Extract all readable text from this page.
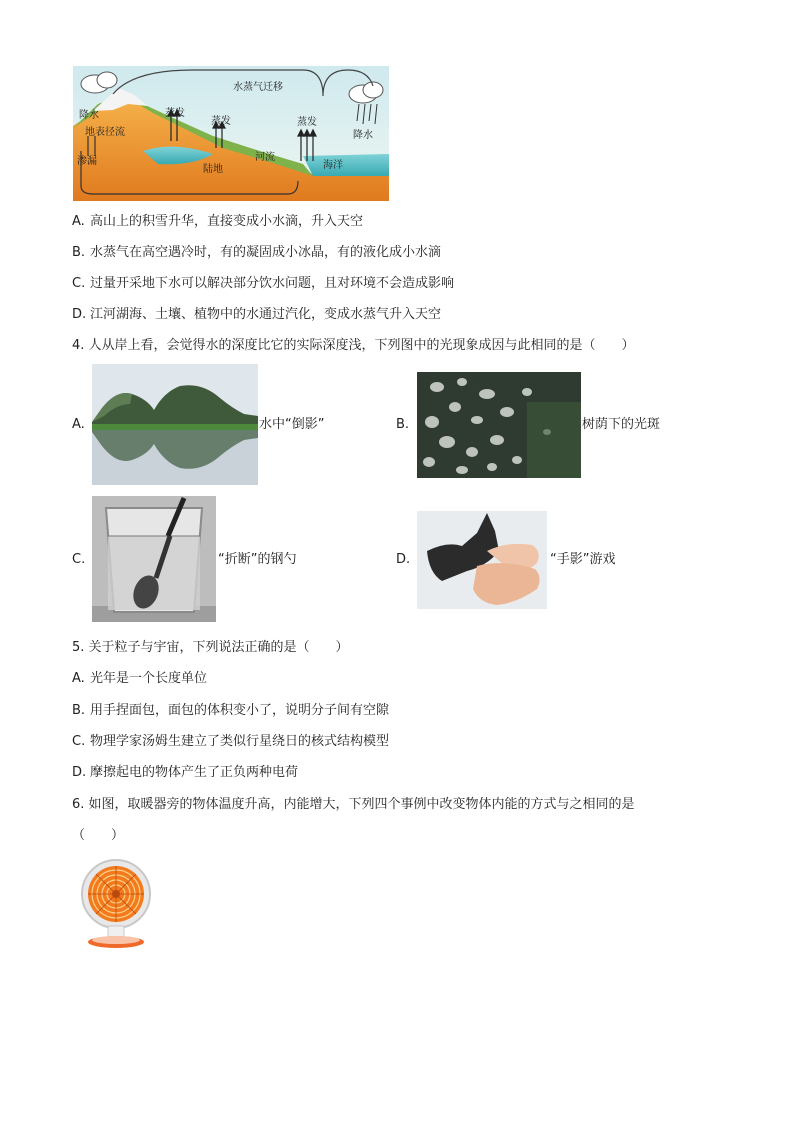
水蒸气迁移
降水	蒸发
蒸发	蒸发
降水
地表径流
渗漏
陆地
河流
海洋
A. 高山上的积雪升华，直接变成小水滴，升入天空
B. 水蒸气在高空遇冷时，有的凝固成小冰晶，有的液化成小水滴
C. 过量开采地下水可以解决部分饮水问题，且对环境不会造成影响
D. 江河湖海、土壤、植物中的水通过汽化，变成水蒸气升入天空
4. 人从岸上看，会觉得水的深度比它的实际深度浅，下列图中的光现象成因与此相同的是（　　）
A.	水中“倒影”	B.	树荫下的光斑
C.	“折断”的钢勺	D.	“手影”游戏
5. 关于粒子与宇宙，下列说法正确的是（　　）
A. 光年是一个长度单位
B. 用手捏面包，面包的体积变小了，说明分子间有空隙
C. 物理学家汤姆生建立了类似行星绕日的核式结构模型
D. 摩擦起电的物体产生了正负两种电荷
6. 如图，取暖器旁的物体温度升高，内能增大，下列四个事例中改变物体内能的方式与之相同的是
（　　）
